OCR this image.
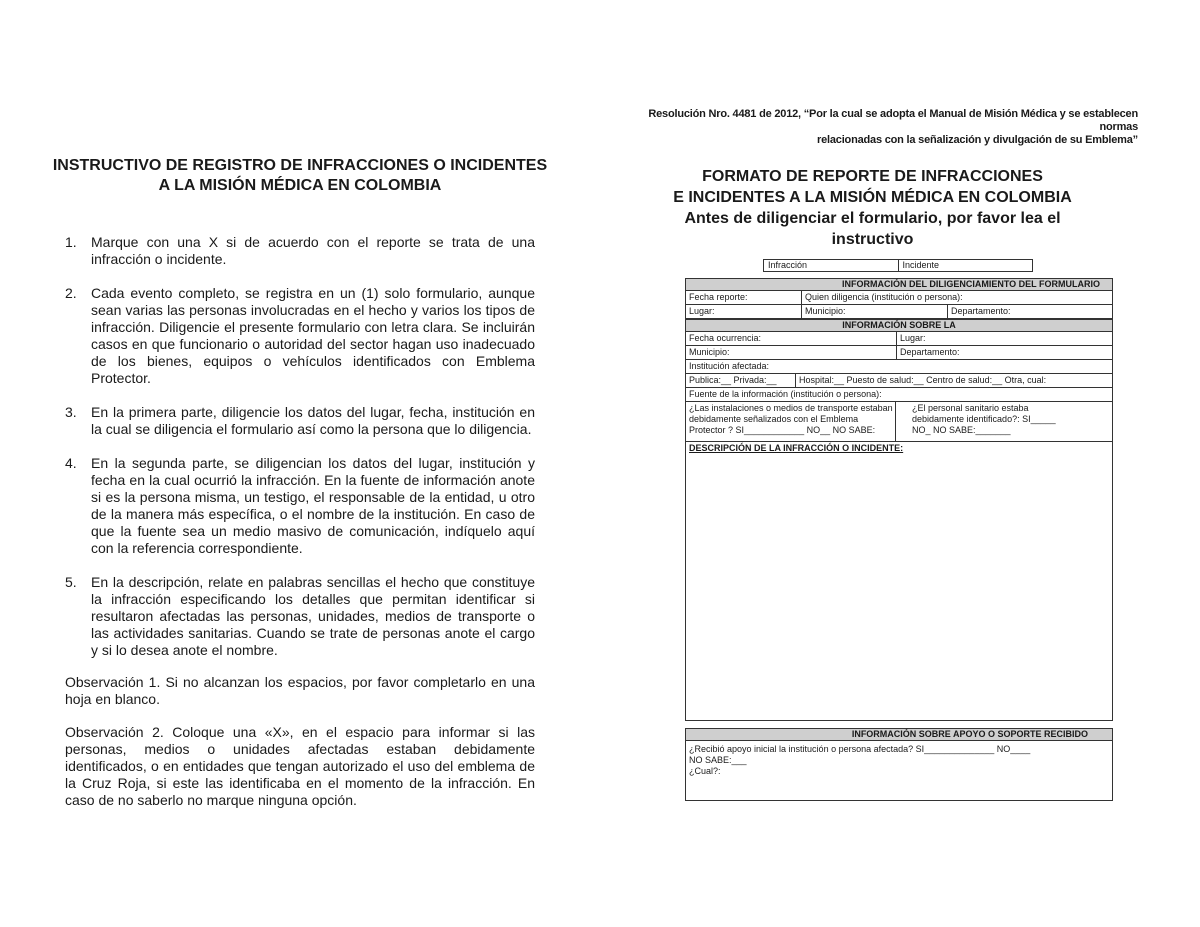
INSTRUCTIVO DE REGISTRO DE INFRACCIONES O INCIDENTES
A LA MISIÓN MÉDICA EN COLOMBIA
1. Marque con una X si de acuerdo con el reporte se trata de una infracción o incidente.
2. Cada evento completo, se registra en un (1) solo formulario, aunque sean varias las personas involucradas en el hecho y varios los tipos de infracción. Diligencie el presente formulario con letra clara. Se incluirán casos en que funcionario o autoridad del sector hagan uso inadecuado de los bienes, equipos o vehículos identificados con Emblema Protector.
3. En la primera parte, diligencie los datos del lugar, fecha, institución en la cual se diligencia el formulario así como la persona que lo diligencia.
4. En la segunda parte, se diligencian los datos del lugar, institución y fecha en la cual ocurrió la infracción. En la fuente de información anote si es la persona misma, un testigo, el responsable de la entidad, u otro de la manera más específica, o el nombre de la institución. En caso de que la fuente sea un medio masivo de comunicación, indíquelo aquí con la referencia correspondiente.
5. En la descripción, relate en palabras sencillas el hecho que constituye la infracción especificando los detalles que permitan identificar si resultaron afectadas las personas, unidades, medios de transporte o las actividades sanitarias. Cuando se trate de personas anote el cargo y si lo desea anote el nombre.
Observación 1. Si no alcanzan los espacios, por favor completarlo en una hoja en blanco.
Observación 2. Coloque una «X», en el espacio para informar si las personas, medios o unidades afectadas estaban debidamente identificados, o en entidades que tengan autorizado el uso del emblema de la Cruz Roja, si este las identificaba en el momento de la infracción. En caso de no saberlo no marque ninguna opción.
Resolución Nro. 4481 de 2012, “Por la cual se adopta el Manual de Misión Médica y se establecen normas
relacionadas con la señalización y divulgación de su Emblema”
FORMATO DE REPORTE DE INFRACCIONES
E INCIDENTES A LA MISIÓN MÉDICA EN COLOMBIA
Antes de diligenciar el formulario, por favor lea el instructivo
Infracción	Incidente
INFORMACIÓN DEL DILIGENCIAMIENTO DEL FORMULARIO
Fecha reporte:	Quien diligencia (institución o persona):
Lugar:	Municipio:	Departamento:
INFORMACIÓN SOBRE LA
Fecha ocurrencia:	Lugar:
Municipio:	Departamento:
Institución afectada:
Publica:__ Privada:__	Hospital:__ Puesto de salud:__ Centro de salud:__ Otra, cual:
Fuente de la información (institución o persona):
¿Las instalaciones o medios de transporte estaban debidamente señalizados con el Emblema Protector ? SI____________ NO__ NO SABE:
¿El personal sanitario estaba debidamente identificado?: SI_____ NO_ NO SABE:_______
DESCRIPCIÓN DE LA INFRACCIÓN O INCIDENTE:
INFORMACIÓN SOBRE APOYO O SOPORTE RECIBIDO
¿Recibió apoyo inicial la institución o persona afectada? SI______________ NO____
NO SABE:___
¿Cual?:
